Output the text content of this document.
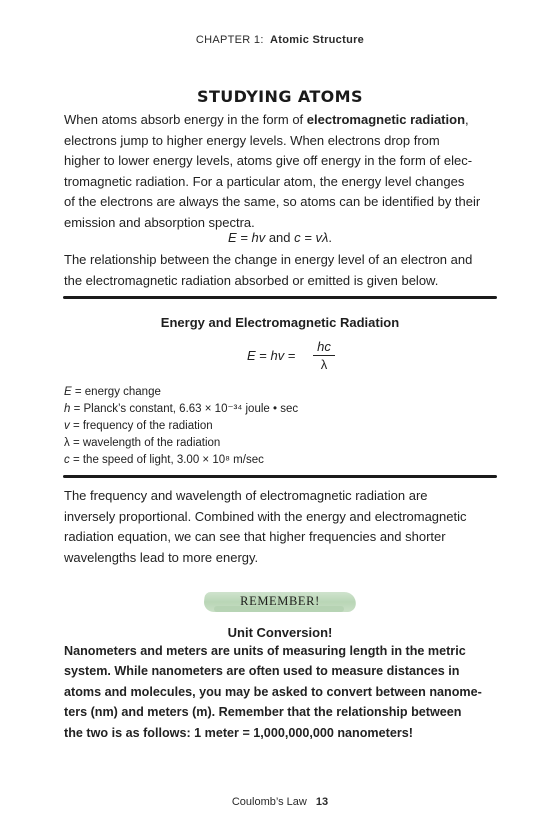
CHAPTER 1: Atomic Structure
STUDYING ATOMS
When atoms absorb energy in the form of electromagnetic radiation,
electrons jump to higher energy levels. When electrons drop from
higher to lower energy levels, atoms give off energy in the form of elec-
tromagnetic radiation. For a particular atom, the energy level changes
of the electrons are always the same, so atoms can be identified by their
emission and absorption spectra.
E = hv and c = vλ.
The relationship between the change in energy level of an electron and
the electromagnetic radiation absorbed or emitted is given below.
Energy and Electromagnetic Radiation
E = hv =
hc
λ
E = energy change
h = Planck’s constant, 6.63 × 10⁻³⁴ joule • sec
v = frequency of the radiation
λ = wavelength of the radiation
c = the speed of light, 3.00 × 10⁸ m/sec
The frequency and wavelength of electromagnetic radiation are
inversely proportional. Combined with the energy and electromagnetic
radiation equation, we can see that higher frequencies and shorter
wavelengths lead to more energy.
REMEMBER!
Unit Conversion!
Nanometers and meters are units of measuring length in the metric
system. While nanometers are often used to measure distances in
atoms and molecules, you may be asked to convert between nanome-
ters (nm) and meters (m). Remember that the relationship between
the two is as follows: 1 meter = 1,000,000,000 nanometers!
Coulomb’s Law 13
